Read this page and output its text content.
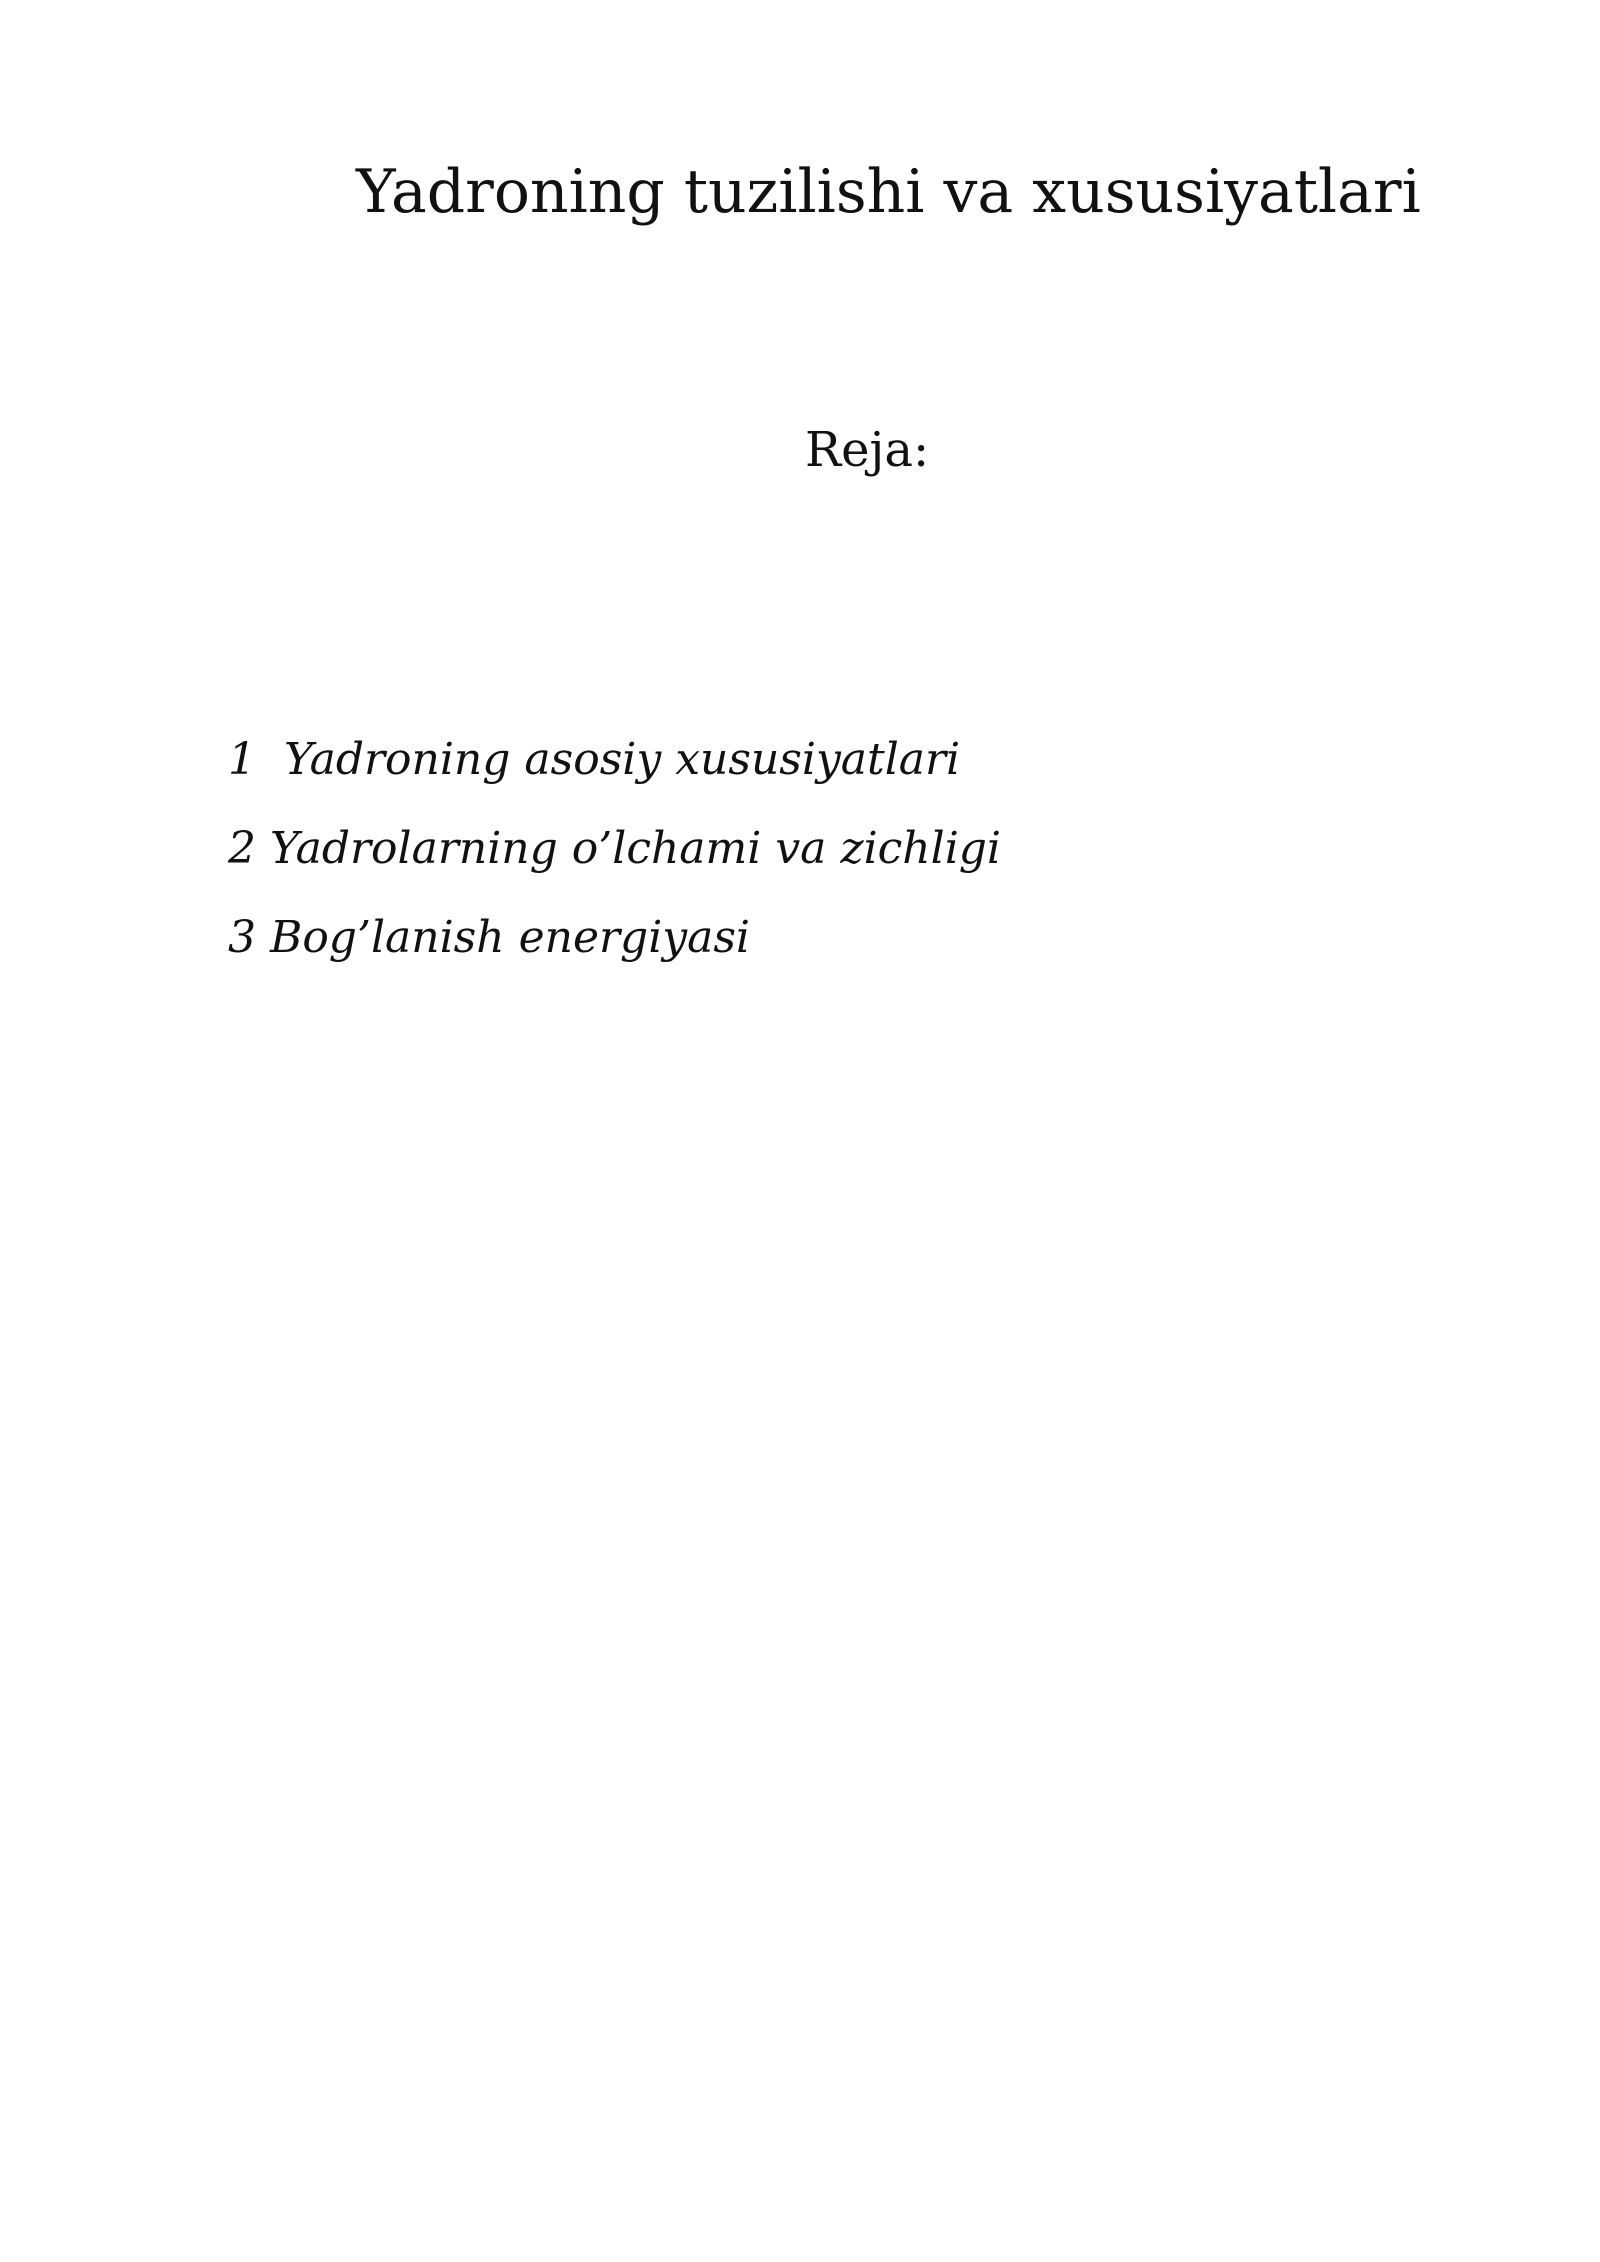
Yadroning tuzilishi va xususiyatlari
Reja:
1  Yadroning asosiy xususiyatlari
2 Yadrolarning o’lchami va zichligi
3 Bog’lanish energiyasi
